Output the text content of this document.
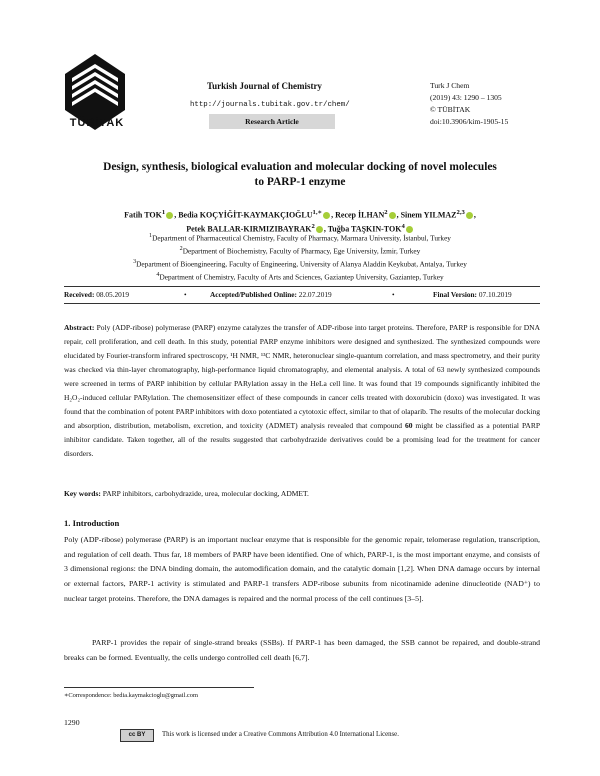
TÜBİTAK
Turkish Journal of Chemistry
http://journals.tubitak.gov.tr/chem/
Research Article
Turk J Chem
(2019) 43: 1290 – 1305
© TÜBİTAK
doi:10.3906/kim-1905-15
Design, synthesis, biological evaluation and molecular docking of novel molecules
to PARP-1 enzyme
Fatih TOK$^1$ , Bedia KOÇYİĞİT-$KAYMAKÇIOĞLU^{1,∗}$ , Recep İLHAN$^2$ , Sinem YILMAZ$^{2,3}$ ,
Petek BALLAR-KIRMIZIBAYRAK$^2$ , Tuğba TAŞKIN-TOK$^4$
$^1$Department of Pharmaceutical Chemistry, Faculty of Pharmacy, Marmara University, İstanbul, Turkey
$^2$Department of Biochemistry, Faculty of Pharmacy, Ege University, İzmir, Turkey
$^3$Department of Bioengineering, Faculty of Engineering, University of Alanya Aladdin Keykubat, Antalya, Turkey
$^4$Department of Chemistry, Faculty of Arts and Sciences, Gaziantep University, Gaziantep, Turkey
Received: 08.05.2019	•	Accepted/Published Online: 22.07.2019	•	Final Version: 07.10.2019
Abstract: Poly (ADP-ribose) polymerase (PARP) enzyme catalyzes the transfer of ADP-ribose into target proteins. Therefore, PARP is responsible for DNA repair, cell proliferation, and cell death. In this study, potential PARP enzyme inhibitors were designed and synthesized. The synthesized compounds were elucidated by Fourier-transform infrared spectroscopy, ¹H NMR, ¹³C NMR, heteronuclear single-quantum correlation, and mass spectrometry, and their purity was checked via thin-layer chromatography, high-performance liquid chromatography, and elemental analysis. A total of 63 newly synthesized compounds were screened in terms of PARP inhibition by cellular PARylation assay in the HeLa cell line. It was found that 19 compounds significantly inhibited the H₂O₂-induced cellular PARylation. The chemosensitizer effect of these compounds in cancer cells treated with doxorubicin (doxo) was investigated. It was found that the combination of potent PARP inhibitors with doxo potentiated a cytotoxic effect, similar to that of olaparib. The results of the molecular docking and absorption, distribution, metabolism, excretion, and toxicity (ADMET) analysis revealed that compound 60 might be classified as a potential PARP inhibitor candidate. Taken together, all of the results suggested that carbohydrazide derivatives could be a promising lead for the treatment for cancer disorders.
Key words: PARP inhibitors, carbohydrazide, urea, molecular docking, ADMET.
1. Introduction
Poly (ADP-ribose) polymerase (PARP) is an important nuclear enzyme that is responsible for the genomic repair, telomerase regulation, transcription, and regulation of cell death. Thus far, 18 members of PARP have been identified. One of which, PARP-1, is the most important enzyme, and consists of 3 dimensional regions: the DNA binding domain, the automodification domain, and the catalytic domain [1,2]. When DNA damage occurs by internal or external factors, PARP-1 activity is stimulated and PARP-1 transfers ADP-ribose subunits from nicotinamide adenine dinucleotide (NAD⁺) to nuclear target proteins. Therefore, the DNA damages is repaired and the normal process of the cell continues [3–5].
PARP-1 provides the repair of single-strand breaks (SSBs). If PARP-1 has been damaged, the SSB cannot be repaired, and double-strand breaks can be formed. Eventually, the cells undergo controlled cell death [6,7].
∗Correspondence: bedia.kaymakcioglu@gmail.com
1290
cc BY	This work is licensed under a Creative Commons Attribution 4.0 International License.
